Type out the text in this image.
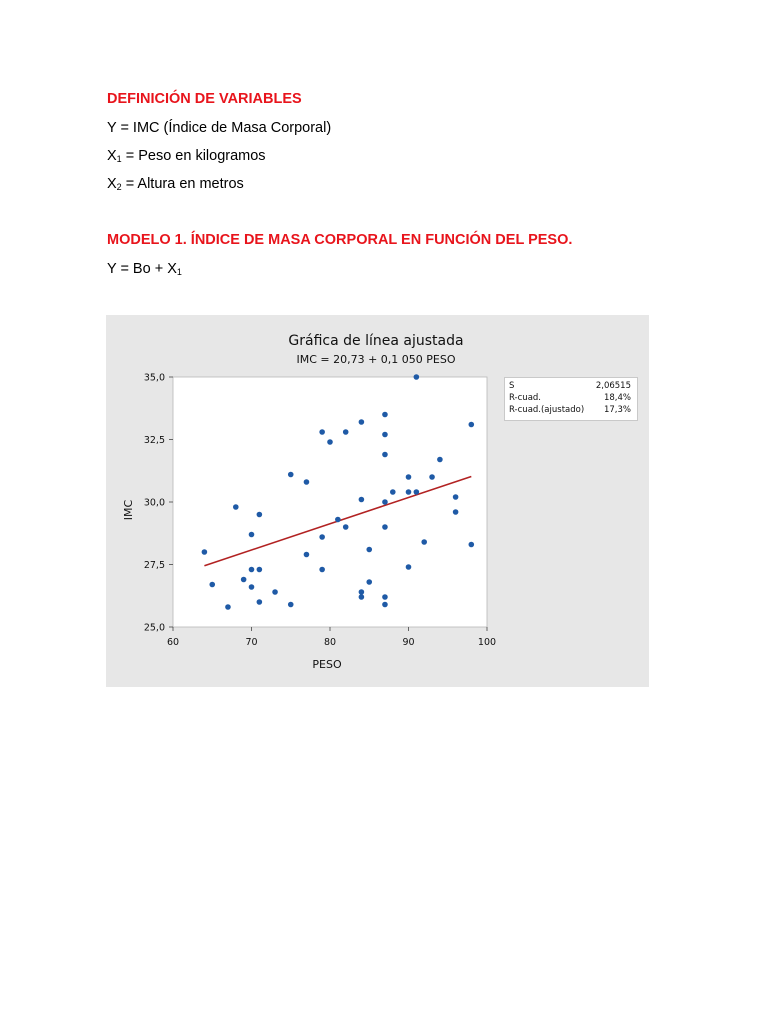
DEFINICIÓN DE VARIABLES
Y = IMC (Índice de Masa Corporal)
$X_1$ = Peso en kilogramos
$X_2$ = Altura en metros
MODELO 1. ÍNDICE DE MASA CORPORAL EN FUNCIÓN DEL PESO.
$Y = Bo + X_1$
Gráfica de línea ajustada
IMC = 20,73 + 0,1 050 PESO
60	70	80	90	100
25,0
27,5
30,0
32,5
35,0
PESO
IMC
S	2,06515
R-cuad.	18,4%
R-cuad.(ajustado) 17,3%
